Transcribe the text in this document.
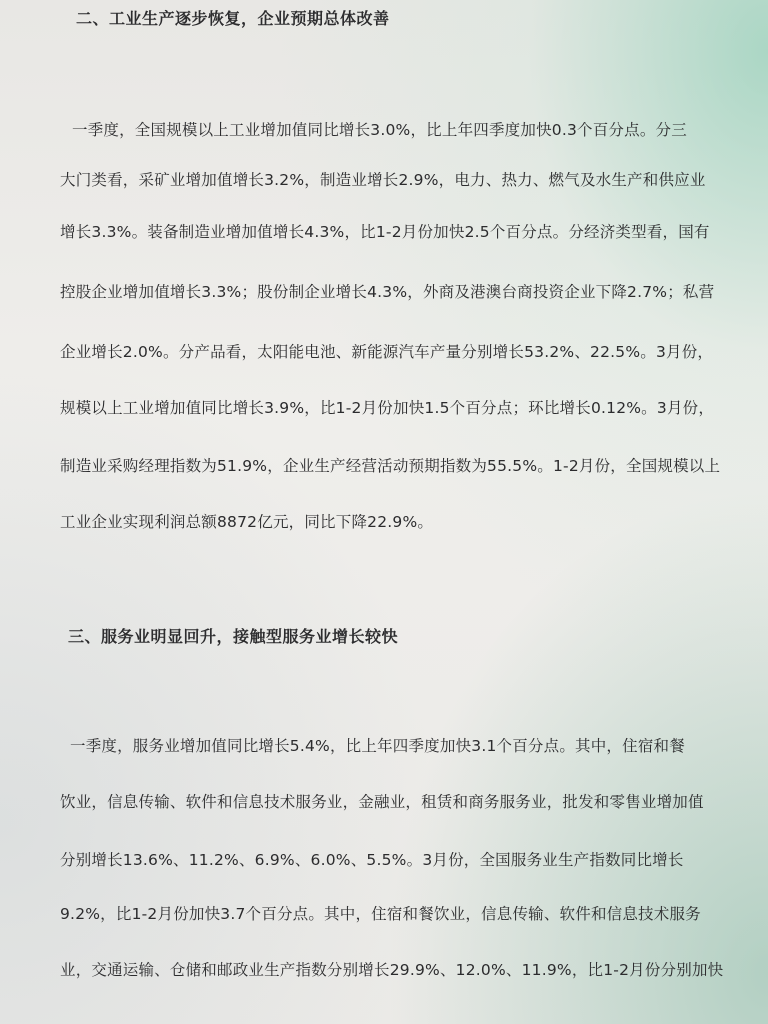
二、工业生产逐步恢复，企业预期总体改善
一季度，全国规模以上工业增加值同比增长3.0%，比上年四季度加快0.3个百分点。分三
大门类看，采矿业增加值增长3.2%，制造业增长2.9%，电力、热力、燃气及水生产和供应业
增长3.3%。装备制造业增加值增长4.3%，比1-2月份加快2.5个百分点。分经济类型看，国有
控股企业增加值增长3.3%；股份制企业增长4.3%，外商及港澳台商投资企业下降2.7%；私营
企业增长2.0%。分产品看，太阳能电池、新能源汽车产量分别增长53.2%、22.5%。3月份，
规模以上工业增加值同比增长3.9%，比1-2月份加快1.5个百分点；环比增长0.12%。3月份，
制造业采购经理指数为51.9%，企业生产经营活动预期指数为55.5%。1-2月份，全国规模以上
工业企业实现利润总额8872亿元，同比下降22.9%。
三、服务业明显回升，接触型服务业增长较快
一季度，服务业增加值同比增长5.4%，比上年四季度加快3.1个百分点。其中，住宿和餐
饮业，信息传输、软件和信息技术服务业，金融业，租赁和商务服务业，批发和零售业增加值
分别增长13.6%、11.2%、6.9%、6.0%、5.5%。3月份，全国服务业生产指数同比增长
9.2%，比1-2月份加快3.7个百分点。其中，住宿和餐饮业，信息传输、软件和信息技术服务
业，交通运输、仓储和邮政业生产指数分别增长29.9%、12.0%、11.9%，比1-2月份分别加快
